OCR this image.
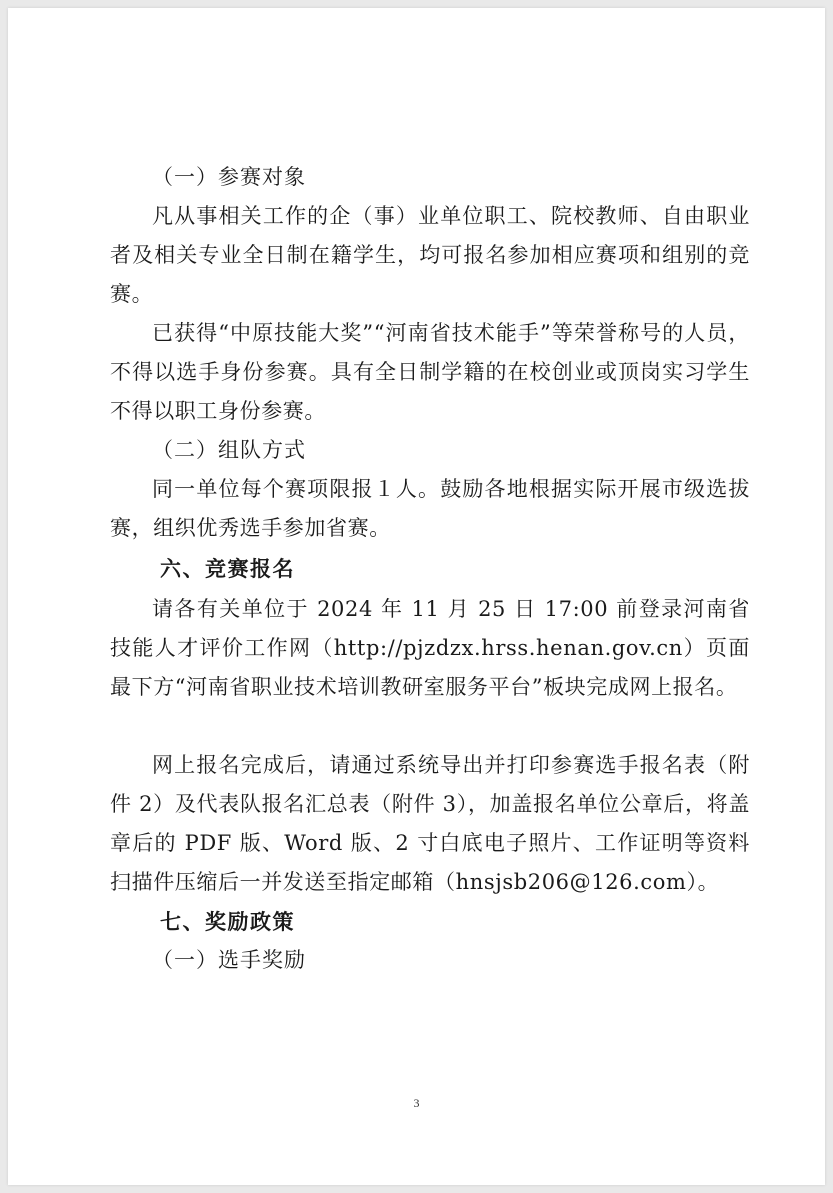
（一）参赛对象

凡从事相关工作的企（事）业单位职工、院校教师、自由职业者及相关专业全日制在籍学生，均可报名参加相应赛项和组别的竞赛。

已获得“中原技能大奖”“河南省技术能手”等荣誉称号的人员，不得以选手身份参赛。具有全日制学籍的在校创业或顶岗实习学生不得以职工身份参赛。

（二）组队方式

同一单位每个赛项限报１人。鼓励各地根据实际开展市级选拔赛，组织优秀选手参加省赛。

六、竞赛报名

请各有关单位于 2024 年 11 月 25 日 17:00 前登录河南省技能人才评价工作网（http://pjzdzx.hrss.henan.gov.cn）页面最下方“河南省职业技术培训教研室服务平台”板块完成网上报名。

网上报名完成后，请通过系统导出并打印参赛选手报名表（附件 2）及代表队报名汇总表（附件 3），加盖报名单位公章后，将盖章后的 PDF 版、Word 版、2 寸白底电子照片、工作证明等资料扫描件压缩后一并发送至指定邮箱（hnsjsb206@126.com）。

七、奖励政策
（一）选手奖励
3
